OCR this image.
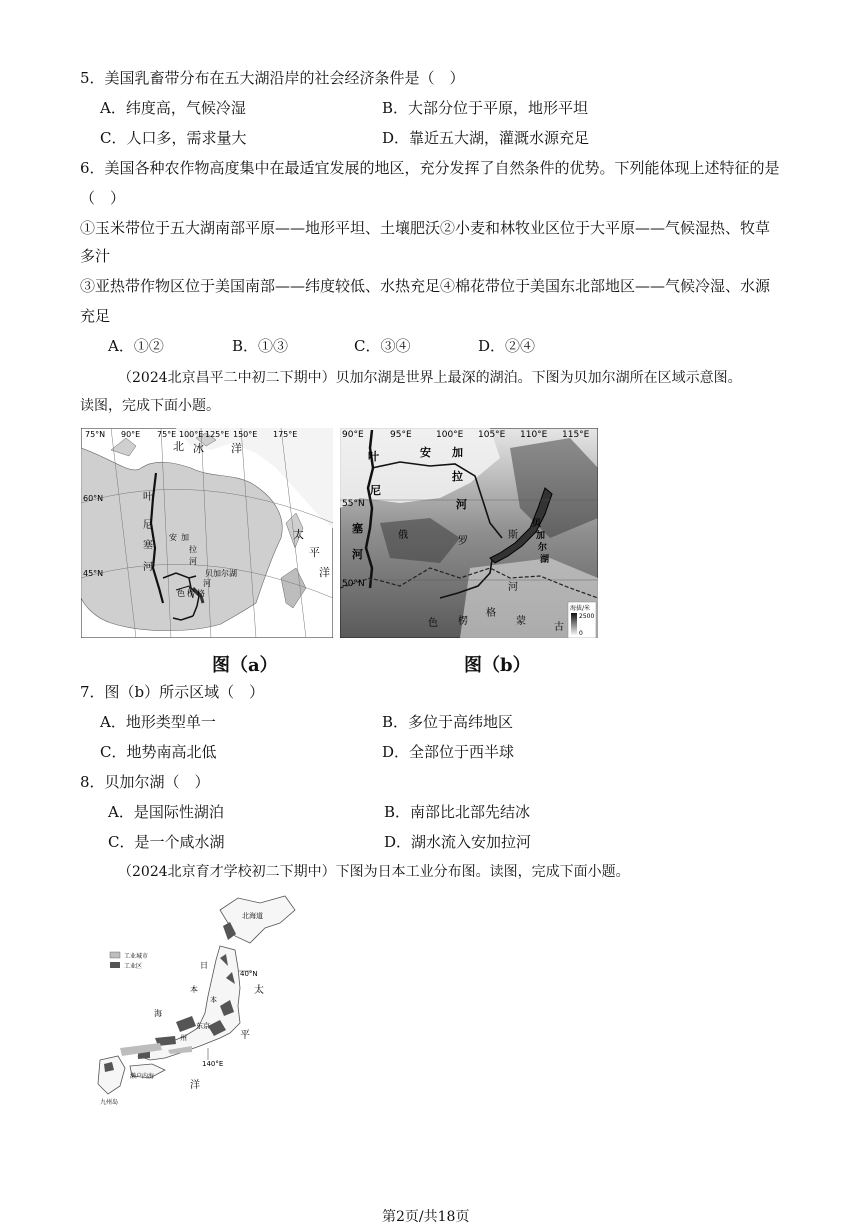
5．美国乳畜带分布在五大湖沿岸的社会经济条件是（　）
A．纬度高，气候冷湿	B．大部分位于平原，地形平坦
C．人口多，需求量大	D．靠近五大湖，灌溉水源充足
6．美国各种农作物高度集中在最适宜发展的地区，充分发挥了自然条件的优势。下列能体现上述特征的是
（　）
①玉米带位于五大湖南部平原——地形平坦、土壤肥沃②小麦和林牧业区位于大平原——气候湿热、牧草
多汁
③亚热带作物区位于美国南部——纬度较低、水热充足④棉花带位于美国东北部地区——气候冷湿、水源
充足
A．①②	B．①③	C．③④	D．②④
（2024北京昌平二中初二下期中）贝加尔湖是世界上最深的湖泊。下图为贝加尔湖所在区域示意图。
读图，完成下面小题。
75°N 90°E 75°E 100°E 125°E 150°E 175°E
60°N
45°N
北 冰 洋
太
平
洋
叶
尼
塞
河
安 加
拉
河
贝加尔湖
河
色 楞 格
90°E	95°E	100°E 105°E 110°E 115°E
55°N
50°N
叶
尼
塞
河
安 加
拉
河
俄
罗
斯
贝
加
尔
湖
色 楞
格
河
蒙
古
海拔/米
2500
0
图（a）	图（b）
7．图（b）所示区域（　）
A．地形类型单一	B．多位于高纬地区
C．地势南高北低	D．全部位于西半球
8．贝加尔湖（　）
A．是国际性湖泊	B．南部比北部先结冰
C．是一个咸水湖	D．湖水流入安加拉河
（2024北京育才学校初二下期中）下图为日本工业分布图。读图，完成下面小题。
工业城市
工业区
北海道
40°N
140°E
日
本
海
太
平
洋
本
州
东京
濑户内海
九州岛
第2页/共18页
